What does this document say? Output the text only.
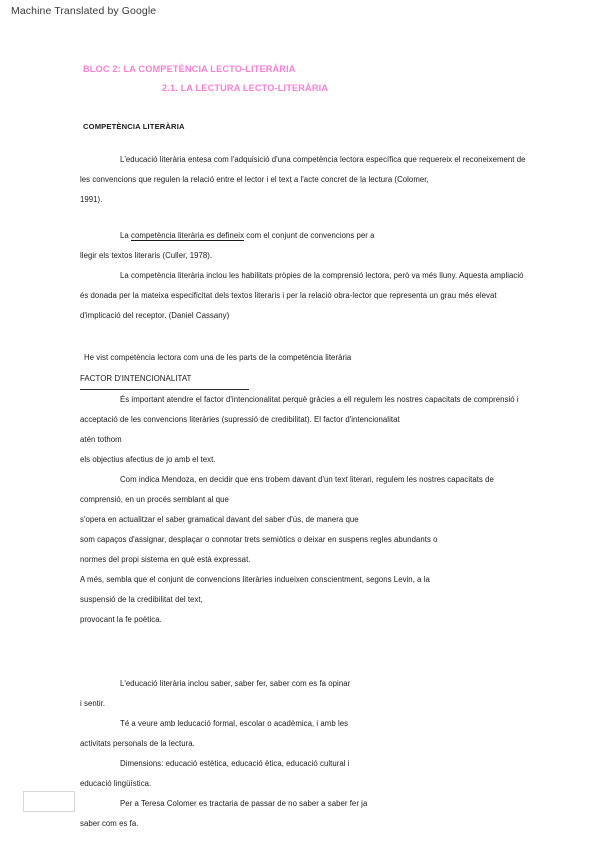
Machine Translated by Google
BLOC 2: LA COMPETÈNCIA LECTO-LITERÀRIA
2.1. LA LECTURA LECTO-LITERÀRIA
COMPETÈNCIA LITERÀRIA

L'educació literària entesa com l'adquisició d'una competència lectora específica que requereix el reconeixement de les convencions que regulen la relació entre el lector i el text a l'acte concret de la lectura (Colomer,

1991).
La competència literària es defineix com el conjunt de convencions per a
llegir els textos literaris (Culler, 1978).

La competència literària inclou les habilitats pròpies de la comprensió lectora, però va més lluny. Aquesta ampliació és donada per la mateixa especificitat dels textos literaris i per la relació obra-lector que representa un grau més elevat d'implicació del receptor. (Daniel Cassany)

He vist competència lectora com una de les parts de la competència literària
FACTOR D'INTENCIONALITAT

És important atendre el factor d'intencionalitat perquè gràcies a ell regulem les nostres capacitats de comprensió i acceptació de les convencions literàries (supressió de credibilitat). El factor d'intencionalitat

atén tothom
els objectius afectius de jo amb el text.

Com indica Mendoza, en decidir que ens trobem davant d'un text literari, regulem les nostres capacitats de comprensió, en un procés semblant al que

s'opera en actualitzar el saber gramatical davant del saber d'ús, de manera que
som capaços d'assignar, desplaçar o connotar trets semiòtics o deixar en suspens regles abundants o
normes del propi sistema en què està expressat.
A més, sembla que el conjunt de convencions literàries indueixen conscientment, segons Levin, a la
suspensió de la credibilitat del text,
provocant la fe poètica.
L'educació literària inclou saber, saber fer, saber com es fa opinar
i sentir.
Té a veure amb leducació formal, escolar o acadèmica, i amb les
activitats personals de la lectura.
Dimensions: educació estètica, educació ètica, educació cultural i
educació lingüística.
Per a Teresa Colomer es tractaria de passar de no saber a saber fer ja
saber com es fa.
